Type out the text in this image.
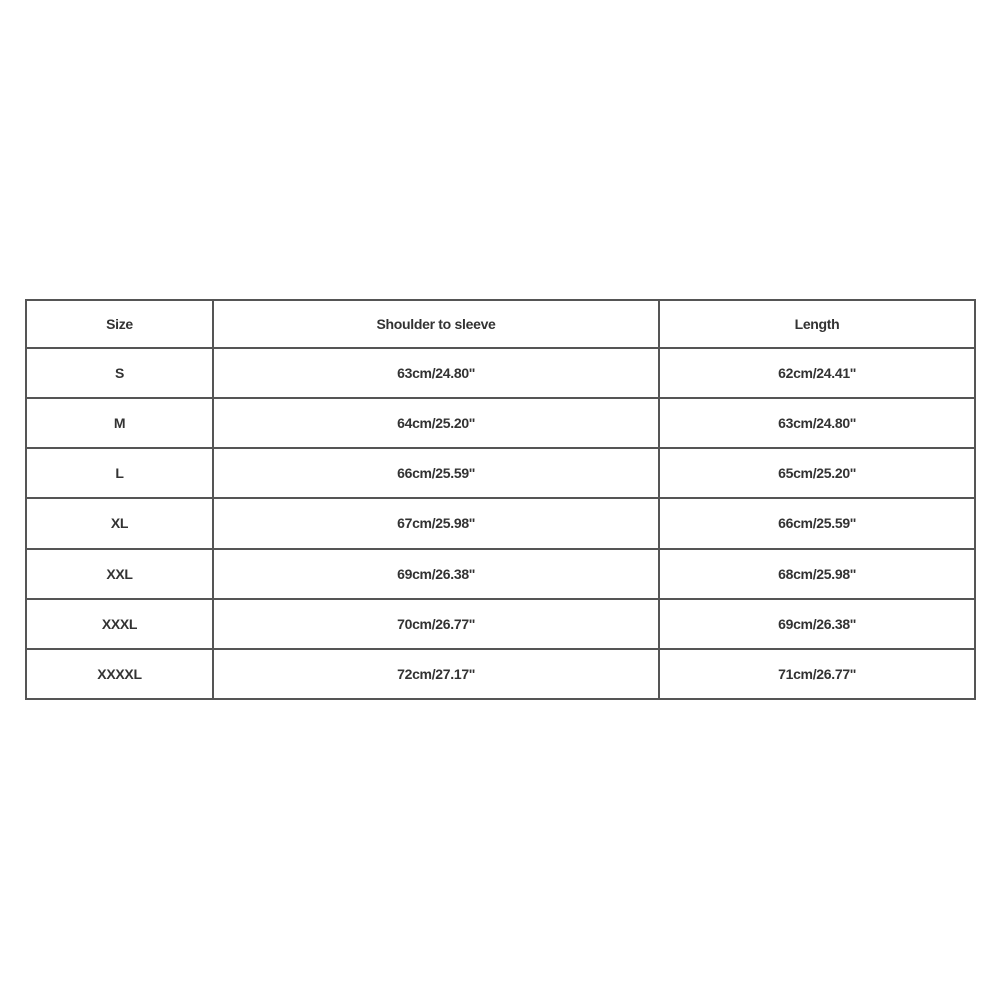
Size	Shoulder to sleeve	Length
S	63cm/24.80''	62cm/24.41''
M	64cm/25.20''	63cm/24.80''
L	66cm/25.59''	65cm/25.20''
XL	67cm/25.98''	66cm/25.59''
XXL	69cm/26.38''	68cm/25.98''
XXXL	70cm/26.77''	69cm/26.38''
XXXXL	72cm/27.17''	71cm/26.77''
